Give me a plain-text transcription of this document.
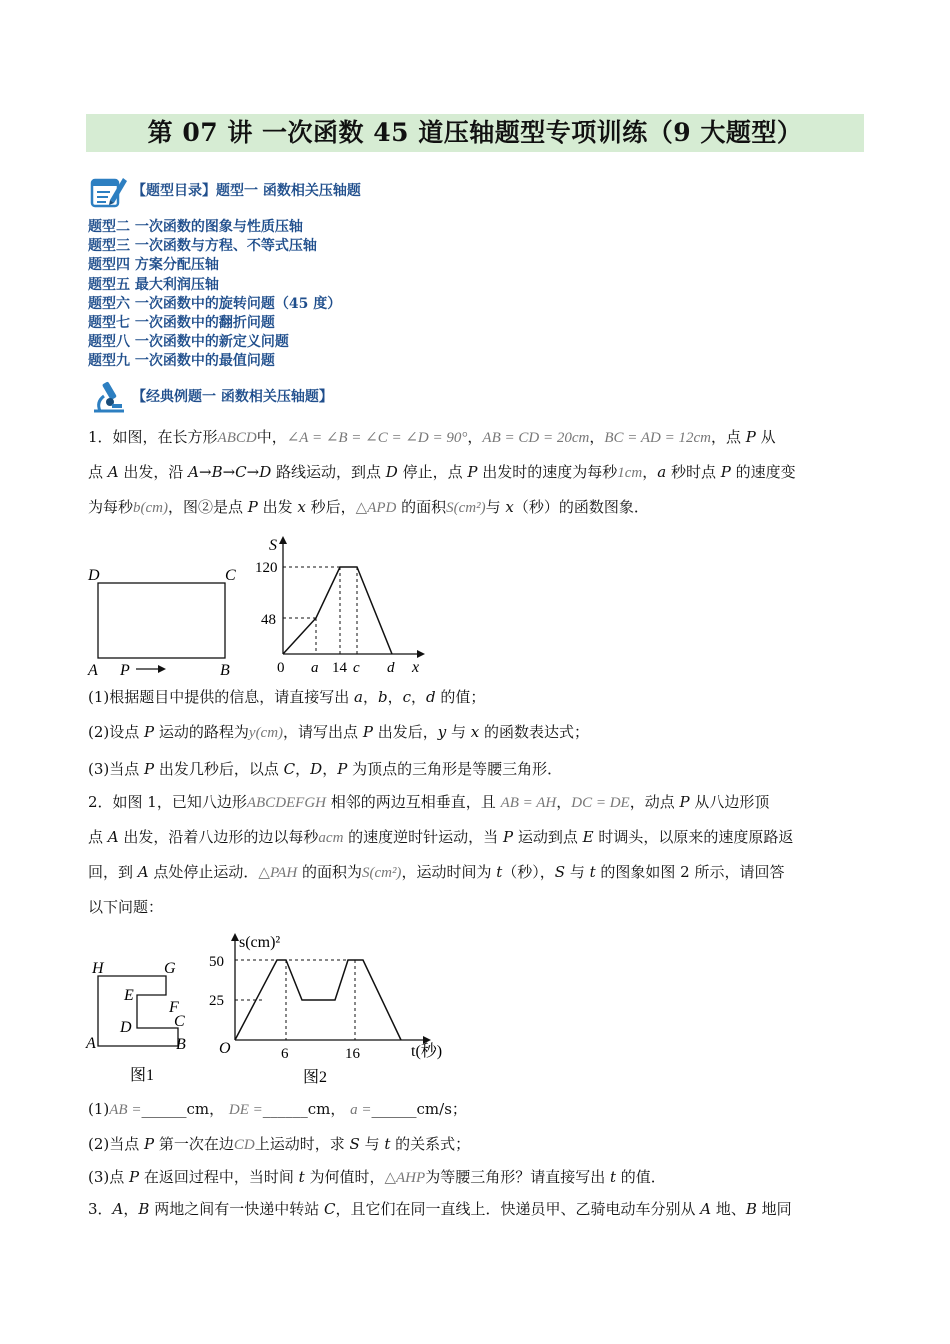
第 07 讲 一次函数 45 道压轴题型专项训练（9 大题型）
【题型目录】题型一 函数相关压轴题
题型二 一次函数的图象与性质压轴
题型三 一次函数与方程、不等式压轴
题型四 方案分配压轴
题型五 最大利润压轴
题型六 一次函数中的旋转问题（45 度）
题型七 一次函数中的翻折问题
题型八 一次函数中的新定义问题
题型九 一次函数中的最值问题
【经典例题一 函数相关压轴题】
1．如图，在长方形ABCD中，∠A = ∠B = ∠C = ∠D = 90°，AB = CD = 20cm，BC = AD = 12cm，点 P 从
点 A 出发，沿 A→B→C→D 路线运动，到点 D 停止，点 P 出发时的速度为每秒1cm，a 秒时点 P 的速度变
为每秒b(cm)，图②是点 P 出发 x 秒后，△APD 的面积S(cm²)与 x（秒）的函数图象．
D	C
A P	B
S
x
0
120
48
a 14 c d
(1)根据题目中提供的信息，请直接写出 a，b，c，d 的值；
(2)设点 P 运动的路程为y(cm)，请写出点 P 出发后，y 与 x 的函数表达式；
(3)当点 P 出发几秒后，以点 C，D，P 为顶点的三角形是等腰三角形．
2．如图 1，已知八边形ABCDEFGH 相邻的两边互相垂直，且 AB = AH，DC = DE，动点 P 从八边形顶
点 A 出发，沿着八边形的边以每秒acm 的速度逆时针运动，当 P 运动到点 E 时调头，以原来的速度原路返
回，到 A 点处停止运动．△PAH 的面积为S(cm²)，运动时间为 t（秒），S 与 t 的图象如图 2 所示，请回答
以下问题：
H	G
E
F
D	C
A	B
图1
s(cm)²
t(秒)
O
50
25
6	16
图2
(1)AB =______cm， DE =______cm， a =______cm/s；
(2)当点 P 第一次在边CD上运动时，求 S 与 t 的关系式；
(3)点 P 在返回过程中，当时间 t 为何值时，△AHP为等腰三角形？请直接写出 t 的值．
3．A，B 两地之间有一快递中转站 C，且它们在同一直线上．快递员甲、乙骑电动车分别从 A 地、B 地同
